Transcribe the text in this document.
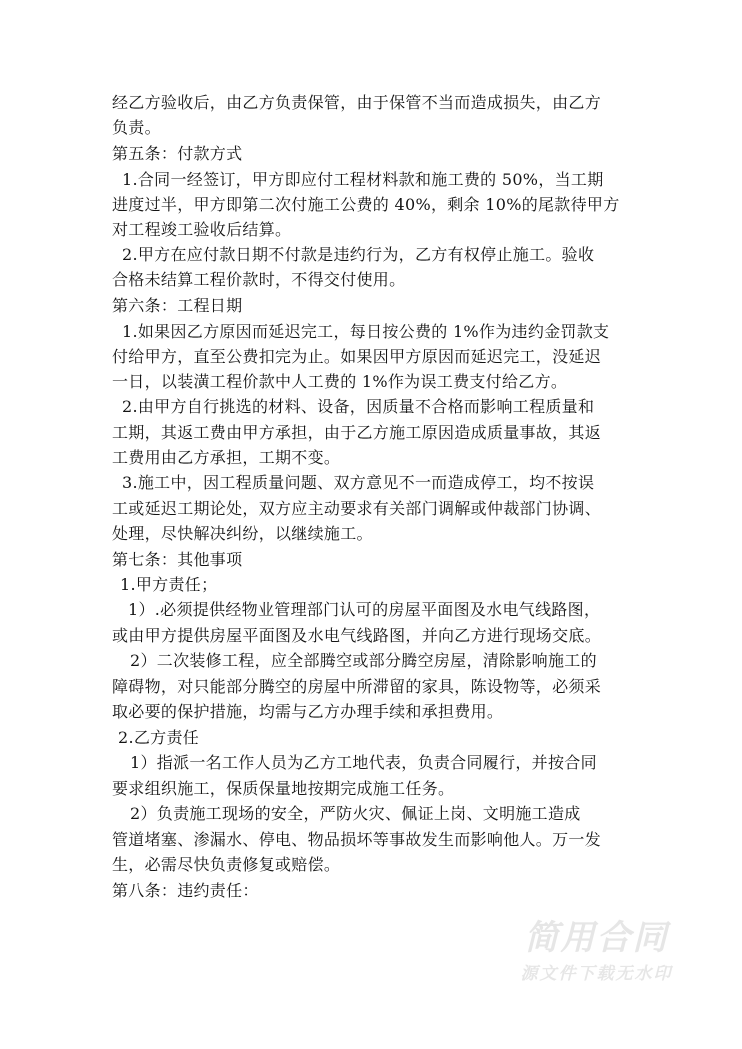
经乙方验收后，由乙方负责保管，由于保管不当而造成损失，由乙方
负责。
第五条：付款方式
1.合同一经签订，甲方即应付工程材料款和施工费的 50%，当工期
进度过半，甲方即第二次付施工公费的 40%，剩余 10%的尾款待甲方
对工程竣工验收后结算。
2.甲方在应付款日期不付款是违约行为，乙方有权停止施工。验收
合格未结算工程价款时，不得交付使用。
第六条：工程日期
1.如果因乙方原因而延迟完工，每日按公费的 1%作为违约金罚款支
付给甲方，直至公费扣完为止。如果因甲方原因而延迟完工，没延迟
一日，以装潢工程价款中人工费的 1%作为误工费支付给乙方。
2.由甲方自行挑选的材料、设备，因质量不合格而影响工程质量和
工期，其返工费由甲方承担，由于乙方施工原因造成质量事故，其返
工费用由乙方承担，工期不变。
3.施工中，因工程质量问题、双方意见不一而造成停工，均不按误
工或延迟工期论处，双方应主动要求有关部门调解或仲裁部门协调、
处理，尽快解决纠纷，以继续施工。
第七条：其他事项
1.甲方责任；
1）.必须提供经物业管理部门认可的房屋平面图及水电气线路图，
或由甲方提供房屋平面图及水电气线路图，并向乙方进行现场交底。
2）二次装修工程，应全部腾空或部分腾空房屋，清除影响施工的
障碍物，对只能部分腾空的房屋中所滞留的家具，陈设物等，必须采
取必要的保护措施，均需与乙方办理手续和承担费用。
2.乙方责任
1）指派一名工作人员为乙方工地代表，负责合同履行，并按合同
要求组织施工，保质保量地按期完成施工任务。
2）负责施工现场的安全，严防火灾、佩证上岗、文明施工造成
管道堵塞、渗漏水、停电、物品损坏等事故发生而影响他人。万一发
生，必需尽快负责修复或赔偿。
第八条：违约责任：
简用合同
源文件下载无水印
